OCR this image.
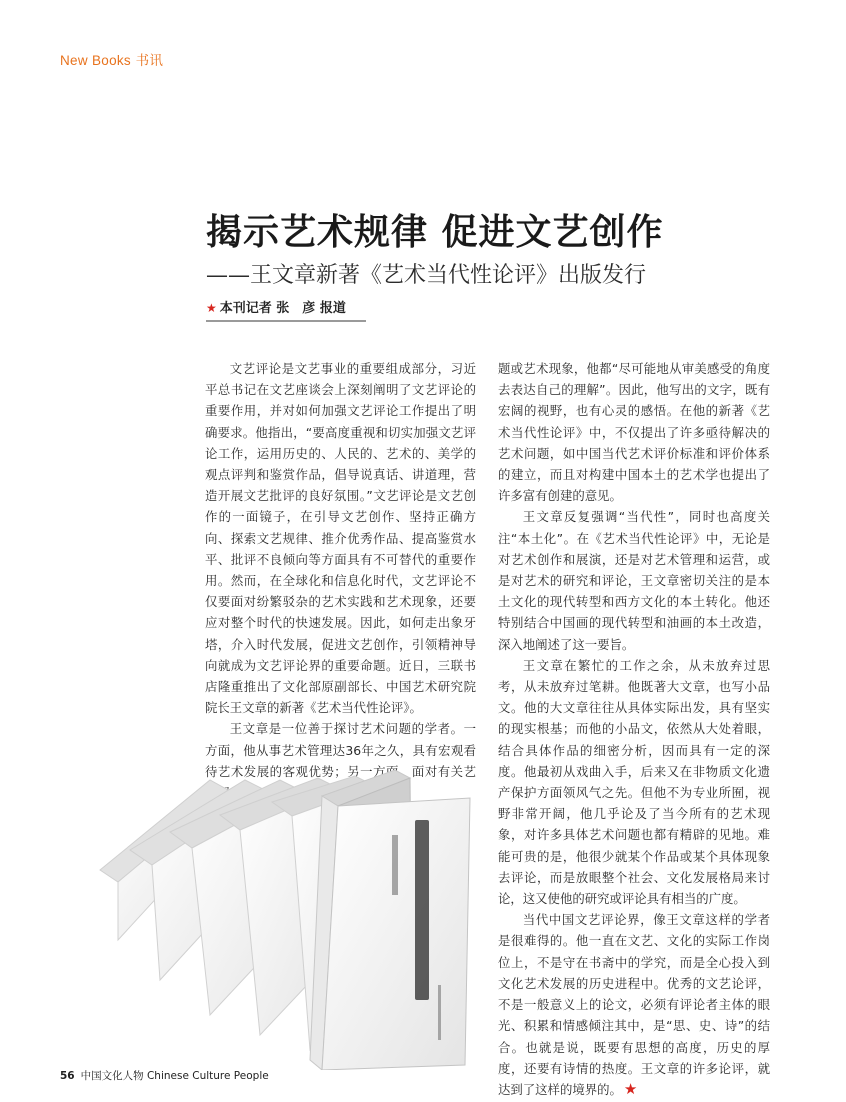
New Books 书讯
揭示艺术规律 促进文艺创作
——王文章新著《艺术当代性论评》出版发行
★ 本刊记者 张　彦 报道

文艺评论是文艺事业的重要组成部分，习近平总书记在文艺座谈会上深刻阐明了文艺评论的重要作用，并对如何加强文艺评论工作提出了明确要求。他指出，“要高度重视和切实加强文艺评论工作，运用历史的、人民的、艺术的、美学的观点评判和鉴赏作品，倡导说真话、讲道理，营造开展文艺批评的良好氛围。”文艺评论是文艺创作的一面镜子，在引导文艺创作、坚持正确方向、探索文艺规律、推介优秀作品、提高鉴赏水平、批评不良倾向等方面具有不可替代的重要作用。然而，在全球化和信息化时代，文艺评论不仅要面对纷繁驳杂的艺术实践和艺术现象，还要应对整个时代的快速发展。因此，如何走出象牙塔，介入时代发展，促进文艺创作，引领精神导向就成为文艺评论界的重要命题。近日，三联书店隆重推出了文化部原副部长、中国艺术研究院院长王文章的新著《艺术当代性论评》。

王文章是一位善于探讨艺术问题的学者。一方面，他从事艺术管理达36年之久，具有宏观看待艺术发展的客观优势；另一方面，面对有关艺

题或艺术现象，他都“尽可能地从审美感受的角度去表达自己的理解”。因此，他写出的文字，既有宏阔的视野，也有心灵的感悟。在他的新著《艺术当代性论评》中，不仅提出了许多亟待解决的艺术问题，如中国当代艺术评价标准和评价体系的建立，而且对构建中国本土的艺术学也提出了许多富有创建的意见。

王文章反复强调“当代性”，同时也高度关注“本土化”。在《艺术当代性论评》中，无论是对艺术创作和展演，还是对艺术管理和运营，或是对艺术的研究和评论，王文章密切关注的是本土文化的现代转型和西方文化的本土转化。他还特别结合中国画的现代转型和油画的本土改造，深入地阐述了这一要旨。

王文章在繁忙的工作之余，从未放弃过思考，从未放弃过笔耕。他既著大文章，也写小品文。他的大文章往往从具体实际出发，具有坚实的现实根基；而他的小品文，依然从大处着眼，结合具体作品的细密分析，因而具有一定的深度。他最初从戏曲入手，后来又在非物质文化遗产保护方面领风气之先。但他不为专业所囿，视野非常开阔，他几乎论及了当今所有的艺术现象，对许多具体艺术问题也都有精辟的见地。难能可贵的是，他很少就某个作品或某个具体现象去评论，而是放眼整个社会、文化发展格局来讨论，这又使他的研究或评论具有相当的广度。

当代中国文艺评论界，像王文章这样的学者是很难得的。他一直在文艺、文化的实际工作岗位上，不是守在书斋中的学究，而是全心投入到文化艺术发展的历史进程中。优秀的文艺论评，不是一般意义上的论文，必须有评论者主体的眼光、积累和情感倾注其中，是“思、史、诗”的结合。也就是说，既要有思想的高度，历史的厚度，还要有诗情的热度。王文章的许多论评，就达到了这样的境界的。 ★

56 中国文化人物 Chinese Culture People
